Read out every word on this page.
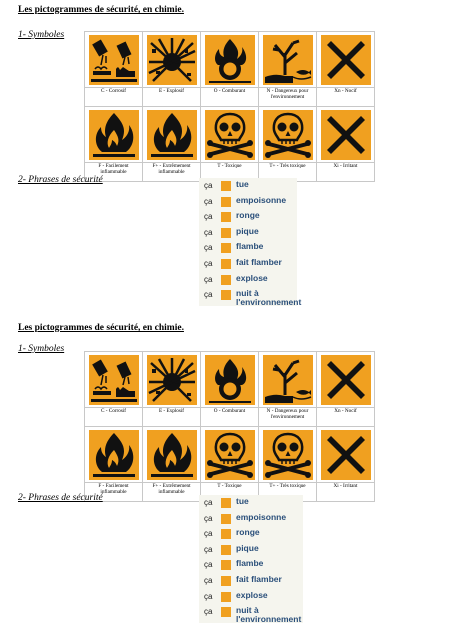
Les pictogrammes de sécurité, en chimie.
1- Symboles

C - Corrosif	E - Explosif	O - Comburant	N - Dangereux pour l'environnement	Xn - Nocif

F - Facilement inflammable	F+ - Extrêmement inflammable	T - Toxique	T+ - Très toxique	Xi - Irritant
2- Phrases de sécurité
ça	tue
ça	empoisonne
ça	ronge
ça	pique
ça	flambe
ça	fait flamber
ça	explose
ça	nuit à l'environnement
Les pictogrammes de sécurité, en chimie.
1- Symboles

C - Corrosif	E - Explosif	O - Comburant	N - Dangereux pour l'environnement	Xn - Nocif

F - Facilement inflammable	F+ - Extrêmement inflammable	T - Toxique	T+ - Très toxique	Xi - Irritant
2- Phrases de sécurité	ça	tue
ça	empoisonne
ça	ronge
ça	pique
ça	flambe
ça	fait flamber
ça	explose
ça	nuit à l'environnement
